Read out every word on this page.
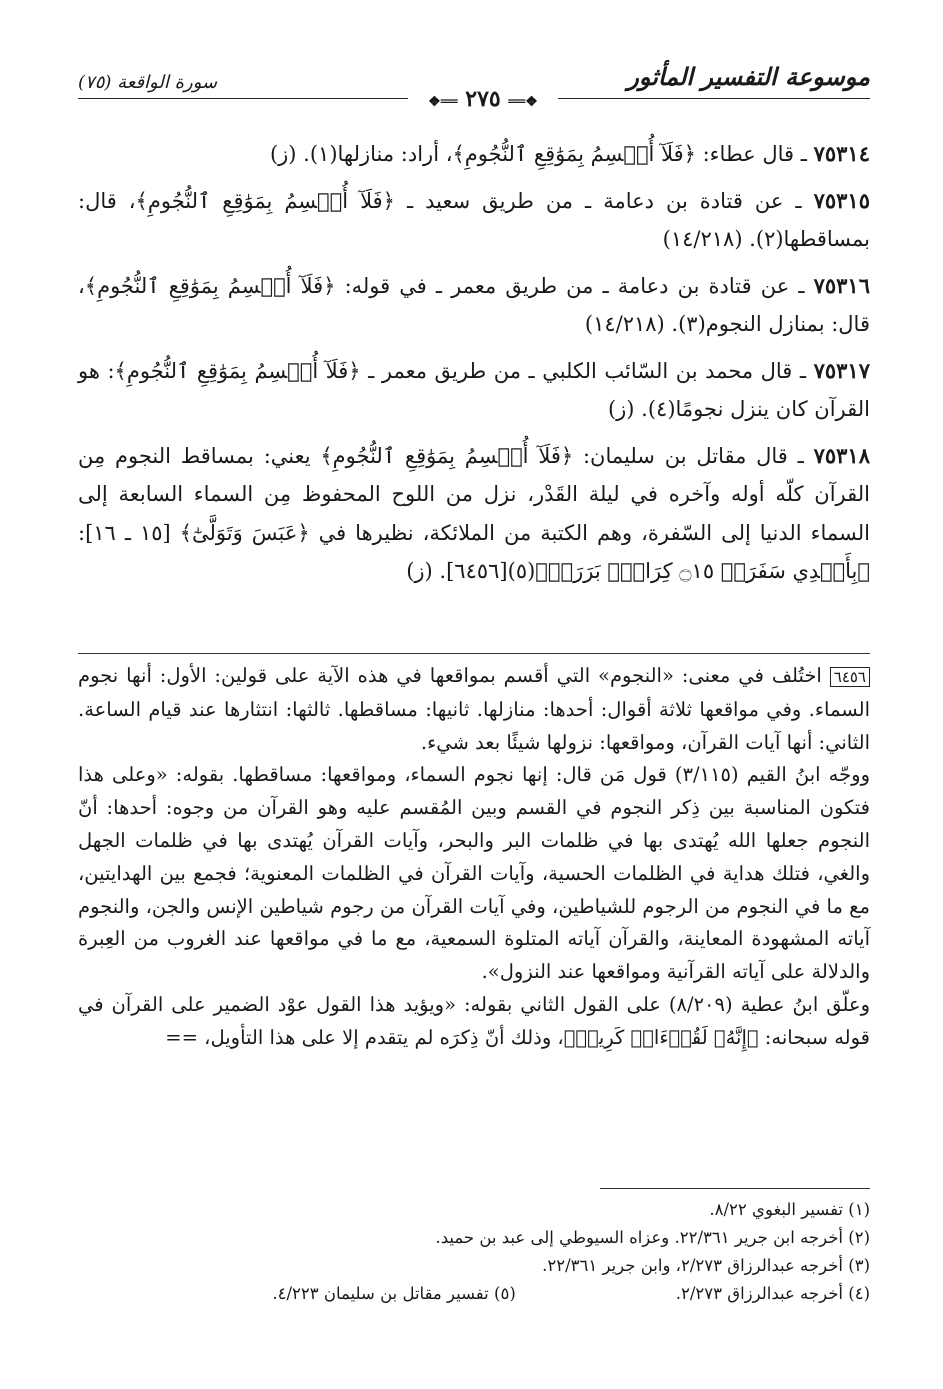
موسوعة التفسير المأثور
❖══ ٢٧٥ ══❖
سورة الواقعة (٧٥)

٧٥٣١٤ ـ قال عطاء: ﴿فَلَآ أُقۡسِمُ بِمَوَٰقِعِ ٱلنُّجُومِ﴾، أراد: منازلها(١). (ز)

٧٥٣١٥ ـ عن قتادة بن دعامة ـ من طريق سعيد ـ ﴿فَلَآ أُقۡسِمُ بِمَوَٰقِعِ ٱلنُّجُومِ﴾، قال: بمساقطها(٢). (١٤/٢١٨)

٧٥٣١٦ ـ عن قتادة بن دعامة ـ من طريق معمر ـ في قوله: ﴿فَلَآ أُقۡسِمُ بِمَوَٰقِعِ ٱلنُّجُومِ﴾، قال: بمنازل النجوم(٣). (١٤/٢١٨)

٧٥٣١٧ ـ قال محمد بن السّائب الكلبي ـ من طريق معمر ـ ﴿فَلَآ أُقۡسِمُ بِمَوَٰقِعِ ٱلنُّجُومِ﴾: هو القرآن كان ينزل نجومًا(٤). (ز)

٧٥٣١٨ ـ قال مقاتل بن سليمان: ﴿فَلَآ أُقۡسِمُ بِمَوَٰقِعِ ٱلنُّجُومِ﴾ يعني: بمساقط النجوم مِن القرآن كلّه أوله وآخره في ليلة القَدْر، نزل من اللوح المحفوظ مِن السماء السابعة إلى السماء الدنيا إلى السّفرة، وهم الكتبة من الملائكة، نظيرها في ﴿عَبَسَ وَتَوَلَّىٰٓ﴾ [١٥ ـ ١٦]: ﴿بِأَيۡدِي سَفَرَةٖ ۝١٥ كِرَامِۭ بَرَرَةٖ﴾(٥)[٦٤٥٦]. (ز)

٦٤٥٦ اختُلف في معنى: «النجوم» التي أقسم بمواقعها في هذه الآية على قولين: الأول: أنها نجوم السماء. وفي مواقعها ثلاثة أقوال: أحدها: منازلها. ثانيها: مساقطها. ثالثها: انتثارها عند قيام الساعة. الثاني: أنها آيات القرآن، ومواقعها: نزولها شيئًا بعد شيء.

ووجّه ابنُ القيم (٣/١١٥) قول مَن قال: إنها نجوم السماء، ومواقعها: مساقطها. بقوله: «وعلى هذا فتكون المناسبة بين ذِكر النجوم في القسم وبين المُقسم عليه وهو القرآن من وجوه: أحدها: أنّ النجوم جعلها الله يُهتدى بها في ظلمات البر والبحر، وآيات القرآن يُهتدى بها في ظلمات الجهل والغي، فتلك هداية في الظلمات الحسية، وآيات القرآن في الظلمات المعنوية؛ فجمع بين الهدايتين، مع ما في النجوم من الرجوم للشياطين، وفي آيات القرآن من رجوم شياطين الإنس والجن، والنجوم آياته المشهودة المعاينة، والقرآن آياته المتلوة السمعية، مع ما في مواقعها عند الغروب من العِبرة والدلالة على آياته القرآنية ومواقعها عند النزول».

وعلّق ابنُ عطية (٨/٢٠٩) على القول الثاني بقوله: «ويؤيد هذا القول عوْد الضمير على القرآن في قوله سبحانه: ﴿إِنَّهُۥ لَقُرۡءَانٞ كَرِيمٞ﴾، وذلك أنّ ذِكرَه لم يتقدم إلا على هذا التأويل، ==

(١) تفسير البغوي ٨/٢٢.
(٢) أخرجه ابن جرير ٢٢/٣٦١. وعزاه السيوطي إلى عبد بن حميد.
(٣) أخرجه عبدالرزاق ٢/٢٧٣، وابن جرير ٢٢/٣٦١.
(٤) أخرجه عبدالرزاق ٢/٢٧٣.
(٥) تفسير مقاتل بن سليمان ٤/٢٢٣.
